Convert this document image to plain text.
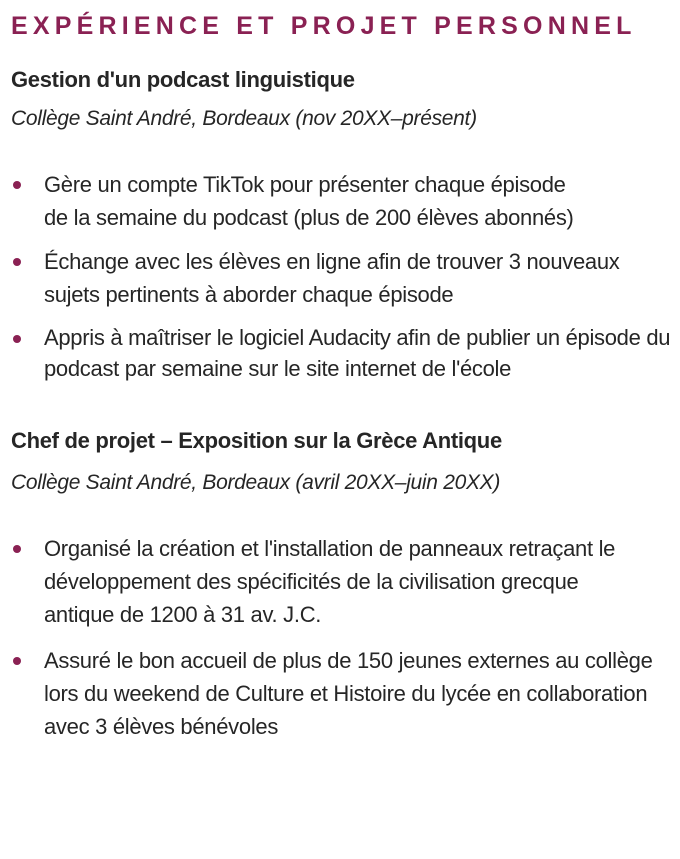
EXPÉRIENCE ET PROJET PERSONNEL
Gestion d'un podcast linguistique
Collège Saint André, Bordeaux (nov 20XX–présent)
Gère un compte TikTok pour présenter chaque épisode de la semaine du podcast (plus de 200 élèves abonnés)
Échange avec les élèves en ligne afin de trouver 3 nouveaux sujets pertinents à aborder chaque épisode
Appris à maîtriser le logiciel Audacity afin de publier un épisode du podcast par semaine sur le site internet de l'école
Chef de projet – Exposition sur la Grèce Antique
Collège Saint André, Bordeaux (avril 20XX–juin 20XX)
Organisé la création et l'installation de panneaux retraçant le développement des spécificités de la civilisation grecque antique de 1200 à 31 av. J.C.
Assuré le bon accueil de plus de 150 jeunes externes au collège lors du weekend de Culture et Histoire du lycée en collaboration avec 3 élèves bénévoles
